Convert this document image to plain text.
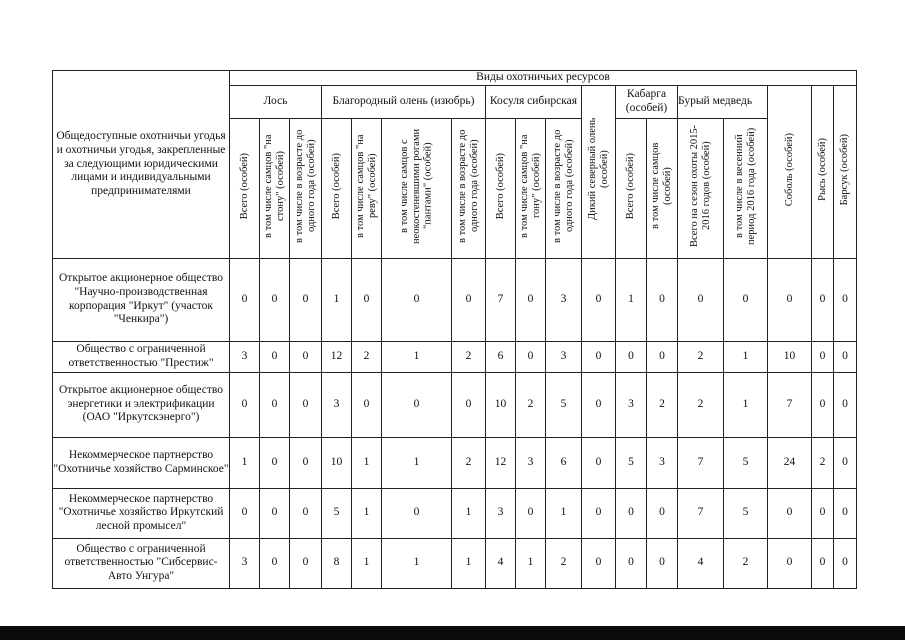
Общедоступные охотничьи угодья и охотничьи угодья, закрепленные за следующими юридическими лицами и индивидуальными предпринимателями	Виды охотничьих ресурсов																	
	Лось			Благородный олень (изюбрь)				Косуля сибирская			Дикий северный олень (особей)	Кабарга (особей)		Бурый медведь		Соболь (особей)	Рысь (особей)	Барсук (особей)
	Всего (особей)	в том числе самцов "на стону" (особей)	в том числе в возрасте до одного года (особей)	Всего (особей)	в том числе самцов "на реву" (особей)	в том числе самцов с неокостеневшими рогами "пантами" (особей)	в том числе в возрасте до одного года (особей)	Всего (особей)	в том числе самцов "на гону" (особей)	в том числе в возрасте до одного года (особей)		Всего (особей)	в том числе самцов (особей)	Всего на сезон охоты 2015-2016 годов (особей)	в том числе в весенний период 2016 года (особей)			
Открытое акционерное общество "Научно-производственная корпорация "Иркут" (участок "Ченкира")	0	0	0	1	0	0	0	7	0	3	0	1	0	0	0	0	0	0
Общество с ограниченной ответственностью "Престиж"	3	0	0	12	2	1	2	6	0	3	0	0	0	2	1	10	0	0
Открытое акционерное общество энергетики и электрификации (ОАО "Иркутскэнерго")	0	0	0	3	0	0	0	10	2	5	0	3	2	2	1	7	0	0
Некоммерческое партнерство "Охотничье хозяйство Сарминское"	1	0	0	10	1	1	2	12	3	6	0	5	3	7	5	24	2	0
Некоммерческое партнерство "Охотничье хозяйство Иркутский лесной промысел"	0	0	0	5	1	0	1	3	0	1	0	0	0	7	5	0	0	0
Общество с ограниченной ответственностью "Сибсервис-Авто Унгура"	3	0	0	8	1	1	1	4	1	2	0	0	0	4	2	0	0	0
